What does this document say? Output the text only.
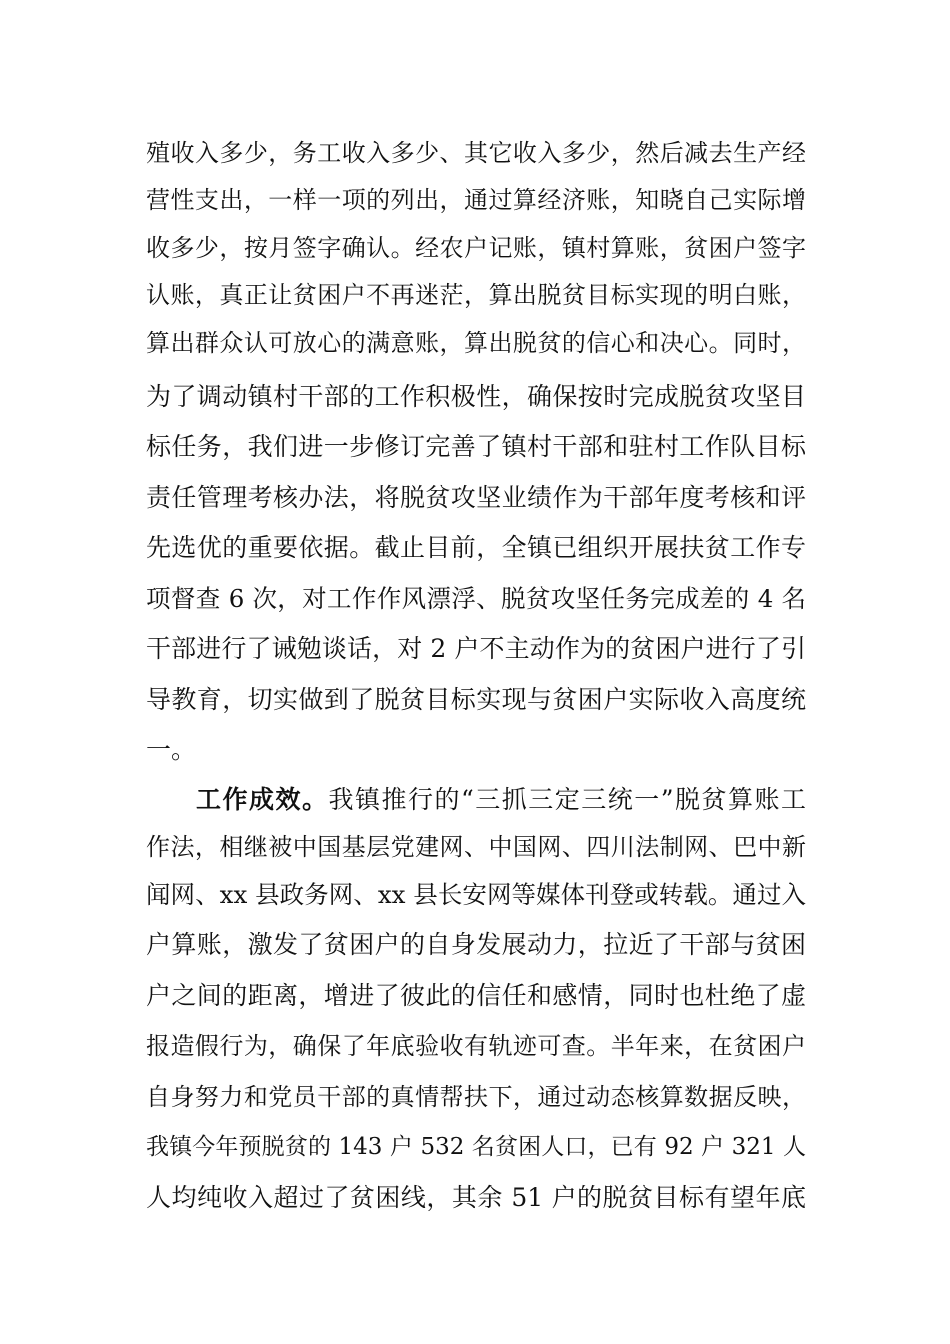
殖收入多少，务工收入多少、其它收入多少，然后减去生产经
营性支出，一样一项的列出，通过算经济账，知晓自己实际增
收多少，按月签字确认。经农户记账，镇村算账，贫困户签字
认账，真正让贫困户不再迷茫，算出脱贫目标实现的明白账，
算出群众认可放心的满意账，算出脱贫的信心和决心。同时，
为了调动镇村干部的工作积极性，确保按时完成脱贫攻坚目
标任务，我们进一步修订完善了镇村干部和驻村工作队目标
责任管理考核办法，将脱贫攻坚业绩作为干部年度考核和评
先选优的重要依据。截止目前，全镇已组织开展扶贫工作专
项督查 6 次，对工作作风漂浮、脱贫攻坚任务完成差的 4 名
干部进行了诫勉谈话，对 2 户不主动作为的贫困户进行了引
导教育，切实做到了脱贫目标实现与贫困户实际收入高度统
一。
工作成效。我镇推行的“三抓三定三统一”脱贫算账工
作法，相继被中国基层党建网、中国网、四川法制网、巴中新
闻网、xx 县政务网、xx 县长安网等媒体刊登或转载。通过入
户算账，激发了贫困户的自身发展动力，拉近了干部与贫困
户之间的距离，增进了彼此的信任和感情，同时也杜绝了虚
报造假行为，确保了年底验收有轨迹可查。半年来，在贫困户
自身努力和党员干部的真情帮扶下，通过动态核算数据反映，
我镇今年预脱贫的 143 户 532 名贫困人口，已有 92 户 321 人
人均纯收入超过了贫困线，其余 51 户的脱贫目标有望年底
